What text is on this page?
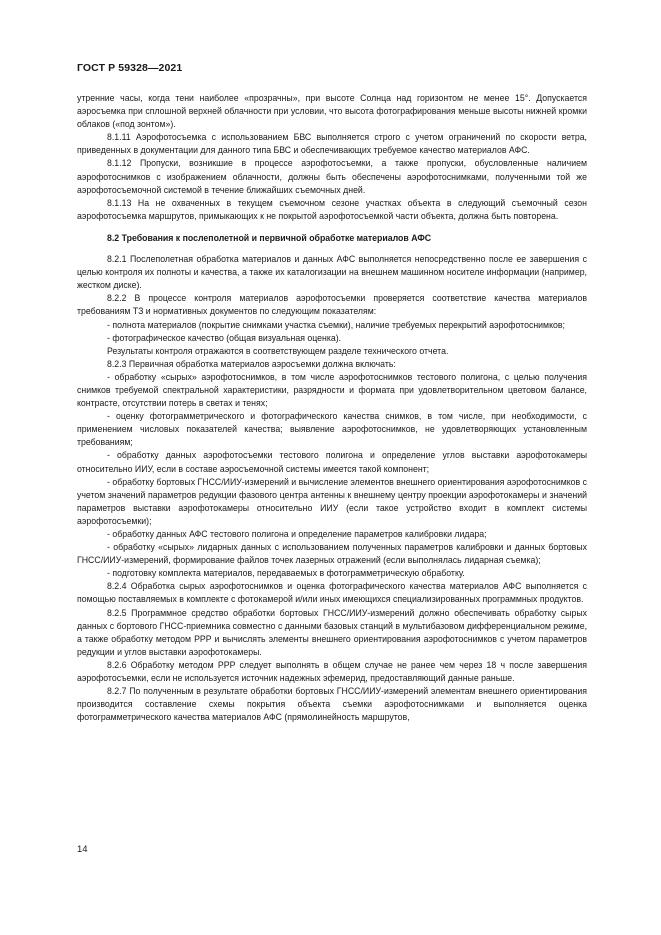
ГОСТ Р 59328—2021

утренние часы, когда тени наиболее «прозрачны», при высоте Солнца над горизонтом не менее 15°. Допускается аэросъемка при сплошной верхней облачности при условии, что высота фотографирования меньше высоты нижней кромки облаков («под зонтом»).

8.1.11 Аэрофотосъемка с использованием БВС выполняется строго с учетом ограничений по скорости ветра, приведенных в документации для данного типа БВС и обеспечивающих требуемое качество материалов АФС.

8.1.12 Пропуски, возникшие в процессе аэрофотосъемки, а также пропуски, обусловленные наличием аэрофотоснимков с изображением облачности, должны быть обеспечены аэрофотоснимками, полученными той же аэрофотосъемочной системой в течение ближайших съемочных дней.

8.1.13 На не охваченных в текущем съемочном сезоне участках объекта в следующий съемочный сезон аэрофотосъемка маршрутов, примыкающих к не покрытой аэрофотосъемкой части объекта, должна быть повторена.

8.2 Требования к послеполетной и первичной обработке материалов АФС

8.2.1 Послеполетная обработка материалов и данных АФС выполняется непосредственно после ее завершения с целью контроля их полноты и качества, а также их каталогизации на внешнем машинном носителе информации (например, жестком диске).

8.2.2 В процессе контроля материалов аэрофотосъемки проверяется соответствие качества материалов требованиям ТЗ и нормативных документов по следующим показателям:

- полнота материалов (покрытие снимками участка съемки), наличие требуемых перекрытий аэрофотоснимков;

- фотографическое качество (общая визуальная оценка).

Результаты контроля отражаются в соответствующем разделе технического отчета.

8.2.3 Первичная обработка материалов аэросъемки должна включать:

- обработку «сырых» аэрофотоснимков, в том числе аэрофотоснимков тестового полигона, с целью получения снимков требуемой спектральной характеристики, разрядности и формата при удовлетворительном цветовом балансе, контрасте, отсутствии потерь в светах и тенях;

- оценку фотограмметрического и фотографического качества снимков, в том числе, при необходимости, с применением числовых показателей качества; выявление аэрофотоснимков, не удовлетворяющих установленным требованиям;

- обработку данных аэрофотосъемки тестового полигона и определение углов выставки аэрофотокамеры относительно ИИУ, если в составе аэросъемочной системы имеется такой компонент;

- обработку бортовых ГНСС/ИИУ-измерений и вычисление элементов внешнего ориентирования аэрофотоснимков с учетом значений параметров редукции фазового центра антенны к внешнему центру проекции аэрофотокамеры и значений параметров выставки аэрофотокамеры относительно ИИУ (если такое устройство входит в комплект системы аэрофотосъемки);

- обработку данных АФС тестового полигона и определение параметров калибровки лидара;

- обработку «сырых» лидарных данных с использованием полученных параметров калибровки и данных бортовых ГНСС/ИИУ-измерений, формирование файлов точек лазерных отражений (если выполнялась лидарная съемка);

- подготовку комплекта материалов, передаваемых в фотограмметрическую обработку.

8.2.4 Обработка сырых аэрофотоснимков и оценка фотографического качества материалов АФС выполняется с помощью поставляемых в комплекте с фотокамерой и/или иных имеющихся специализированных программных продуктов.

8.2.5 Программное средство обработки бортовых ГНСС/ИИУ-измерений должно обеспечивать обработку сырых данных с бортового ГНСС-приемника совместно с данными базовых станций в мультибазовом дифференциальном режиме, а также обработку методом PPP и вычислять элементы внешнего ориентирования аэрофотоснимков с учетом параметров редукции и углов выставки аэрофотокамеры.

8.2.6 Обработку методом PPP следует выполнять в общем случае не ранее чем через 18 ч после завершения аэрофотосъемки, если не используется источник надежных эфемерид, предоставляющий данные раньше.

8.2.7 По полученным в результате обработки бортовых ГНСС/ИИУ-измерений элементам внешнего ориентирования производится составление схемы покрытия объекта съемки аэрофотоснимками и выполняется оценка фотограмметрического качества материалов АФС (прямолинейность маршрутов,

14
